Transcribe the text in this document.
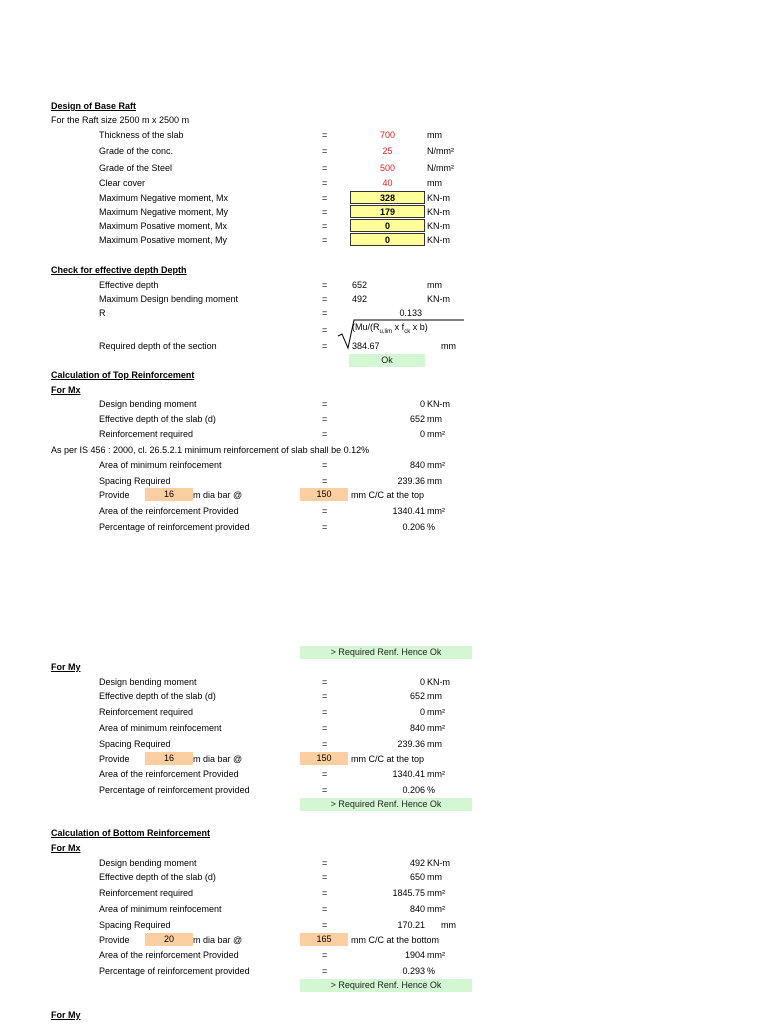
Design of Base Raft
For the Raft size 2500 m x 2500 m
Thickness of the slab	=	700	mm
Grade of the conc.	=	25	N/mm²
Grade of the Steel	=	500	N/mm²
Clear cover	=	40	mm
Maximum Negative moment, Mx	=	328	KN-m
Maximum Negative moment, My	=	179	KN-m
Maximum Posative moment, Mx	=	0	KN-m
Maximum Posative moment, My	=	0	KN-m
Check for effective depth Depth
Effective depth	=	652	mm
Maximum Design bending moment	=	492	KN-m
R	=	0.133
=	($Mu/(R_{u,lim}$ x $f_{ck}$ x b)
Required depth of the section	=	384.67	mm
Ok
Calculation of Top Reinforcement
For Mx
Design bending moment	=	0 KN-m
Effective depth of the slab (d)	=	652 mm
Reinforcement required	=	0 mm²
As per IS 456 : 2000, cl. 26.5.2.1 minimum reinforcement of slab shall be 0.12%
Area of minimum reinfocement	=	840 mm²
Spacing Required	=	239.36 mm
Provide	16	m dia bar @	150	mm C/C at the top
Area of the reinforcement Provided	=	1340.41 mm²
Percentage of reinforcement provided	=	0.206 %
> Required Renf. Hence Ok
For My
Design bending moment	=	0 KN-m
Effective depth of the slab (d)	=	652 mm
Reinforcement required	=	0 mm²
Area of minimum reinfocement	=	840 mm²
Spacing Required	=	239.36 mm
Provide	16	m dia bar @	150	mm C/C at the top
Area of the reinforcement Provided	=	1340.41 mm²
Percentage of reinforcement provided	=	0.206 %
> Required Renf. Hence Ok
Calculation of Bottom Reinforcement
For Mx
Design bending moment	=	492 KN-m
Effective depth of the slab (d)	=	650 mm
Reinforcement required	=	1845.75 mm²
Area of minimum reinfocement	=	840 mm²
Spacing Required	=	170.21 mm
Provide	20	m dia bar @	165	mm C/C at the bottom
Area of the reinforcement Provided	=	1904 mm²
Percentage of reinforcement provided	=	0.293 %
> Required Renf. Hence Ok
For My
